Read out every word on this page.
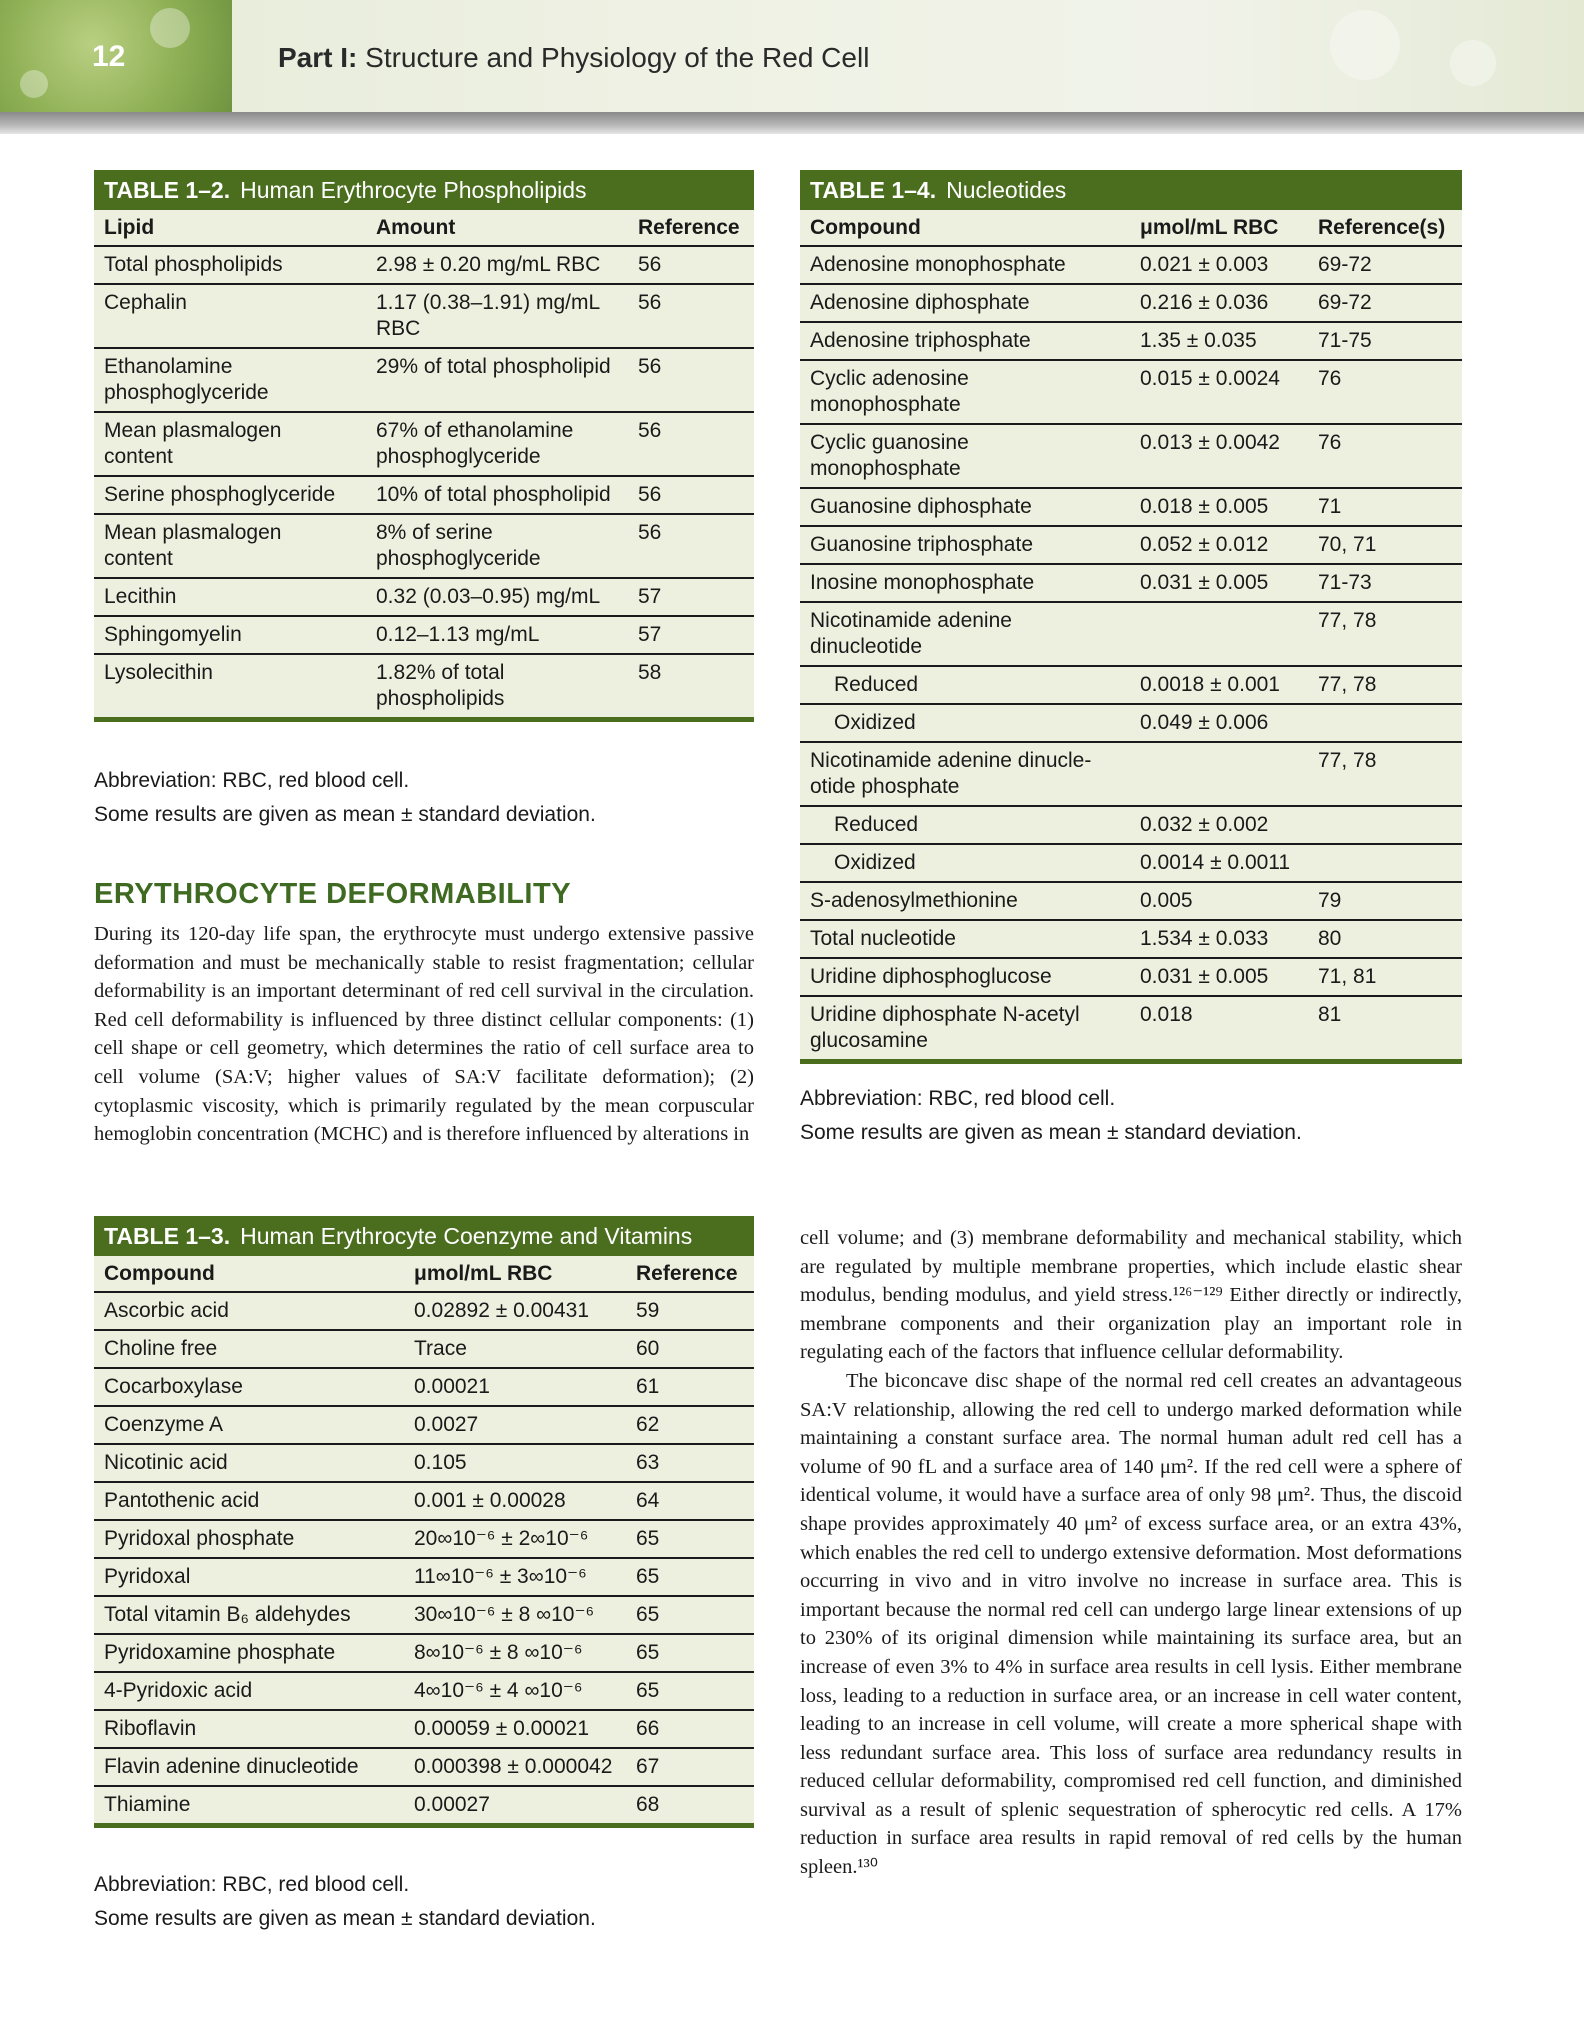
12	Part I: Structure and Physiology of the Red Cell
TABLE 1–2. Human Erythrocyte Phospholipids
Lipid	Amount	Reference
Total phospholipids	2.98 ± 0.20 mg/mL RBC	56
Cephalin	1.17 (0.38–1.91) mg/mL RBC	56
Ethanolamine phosphoglyceride	29% of total phospholipid	56
Mean plasmalogen content	67% of ethanolamine phosphoglyceride	56
Serine phosphoglyceride	10% of total phospholipid	56
Mean plasmalogen content	8% of serine phosphoglyceride	56
Lecithin	0.32 (0.03–0.95) mg/mL	57
Sphingomyelin	0.12–1.13 mg/mL	57
Lysolecithin	1.82% of total phospholipids	58
Abbreviation: RBC, red blood cell.
Some results are given as mean ± standard deviation.
ERYTHROCYTE DEFORMABILITY

During its 120-day life span, the erythrocyte must undergo extensive passive deformation and must be mechanically stable to resist fragmentation; cellular deformability is an important determinant of red cell survival in the circulation. Red cell deformability is influenced by three distinct cellular components: (1) cell shape or cell geometry, which determines the ratio of cell surface area to cell volume (SA:V; higher values of SA:V facilitate deformation); (2) cytoplasmic viscosity, which is primarily regulated by the mean corpuscular hemoglobin concentration (MCHC) and is therefore influenced by alterations in

TABLE 1–3. Human Erythrocyte Coenzyme and Vitamins
Compound	μmol/mL RBC	Reference
Ascorbic acid	0.02892 ± 0.00431	59
Choline free	Trace	60
Cocarboxylase	0.00021	61
Coenzyme A	0.0027	62
Nicotinic acid	0.105	63
Pantothenic acid	0.001 ± 0.00028	64
Pyridoxal phosphate	20∞10⁻⁶ ± 2∞10⁻⁶	65
Pyridoxal	11∞10⁻⁶ ± 3∞10⁻⁶	65
Total vitamin B₆ aldehydes	30∞10⁻⁶ ± 8 ∞10⁻⁶	65
Pyridoxamine phosphate	8∞10⁻⁶ ± 8 ∞10⁻⁶	65
4-Pyridoxic acid	4∞10⁻⁶ ± 4 ∞10⁻⁶	65
Riboflavin	0.00059 ± 0.00021	66
Flavin adenine dinucleotide	0.000398 ± 0.000042	67
Thiamine	0.00027	68
Abbreviation: RBC, red blood cell.
Some results are given as mean ± standard deviation.
TABLE 1–4. Nucleotides
Compound	μmol/mL RBC	Reference(s)
Adenosine monophosphate	0.021 ± 0.003	69-72
Adenosine diphosphate	0.216 ± 0.036	69-72
Adenosine triphosphate	1.35 ± 0.035	71-75
Cyclic adenosine monophosphate	0.015 ± 0.0024	76
Cyclic guanosine monophosphate	0.013 ± 0.0042	76
Guanosine diphosphate	0.018 ± 0.005	71
Guanosine triphosphate	0.052 ± 0.012	70, 71
Inosine monophosphate	0.031 ± 0.005	71-73
Nicotinamide adenine dinucleotide		77, 78
Reduced	0.0018 ± 0.001	77, 78
Oxidized	0.049 ± 0.006	
Nicotinamide adenine dinucle-otide phosphate		77, 78
Reduced	0.032 ± 0.002	
Oxidized	0.0014 ± 0.0011	
S-adenosylmethionine	0.005	79
Total nucleotide	1.534 ± 0.033	80
Uridine diphosphoglucose	0.031 ± 0.005	71, 81
Uridine diphosphate N-acetyl glucosamine	0.018	81
Abbreviation: RBC, red blood cell.
Some results are given as mean ± standard deviation.

cell volume; and (3) membrane deformability and mechanical stability, which are regulated by multiple membrane properties, which include elastic shear modulus, bending modulus, and yield stress.¹²⁶⁻¹²⁹ Either directly or indirectly, membrane components and their organization play an important role in regulating each of the factors that influence cellular deformability.

The biconcave disc shape of the normal red cell creates an advantageous SA:V relationship, allowing the red cell to undergo marked deformation while maintaining a constant surface area. The normal human adult red cell has a volume of 90 fL and a surface area of 140 μm². If the red cell were a sphere of identical volume, it would have a surface area of only 98 μm². Thus, the discoid shape provides approximately 40 μm² of excess surface area, or an extra 43%, which enables the red cell to undergo extensive deformation. Most deformations occurring in vivo and in vitro involve no increase in surface area. This is important because the normal red cell can undergo large linear extensions of up to 230% of its original dimension while maintaining its surface area, but an increase of even 3% to 4% in surface area results in cell lysis. Either membrane loss, leading to a reduction in surface area, or an increase in cell water content, leading to an increase in cell volume, will create a more spherical shape with less redundant surface area. This loss of surface area redundancy results in reduced cellular deformability, compromised red cell function, and diminished survival as a result of splenic sequestration of spherocytic red cells. A 17% reduction in surface area results in rapid removal of red cells by the human spleen.¹³⁰
